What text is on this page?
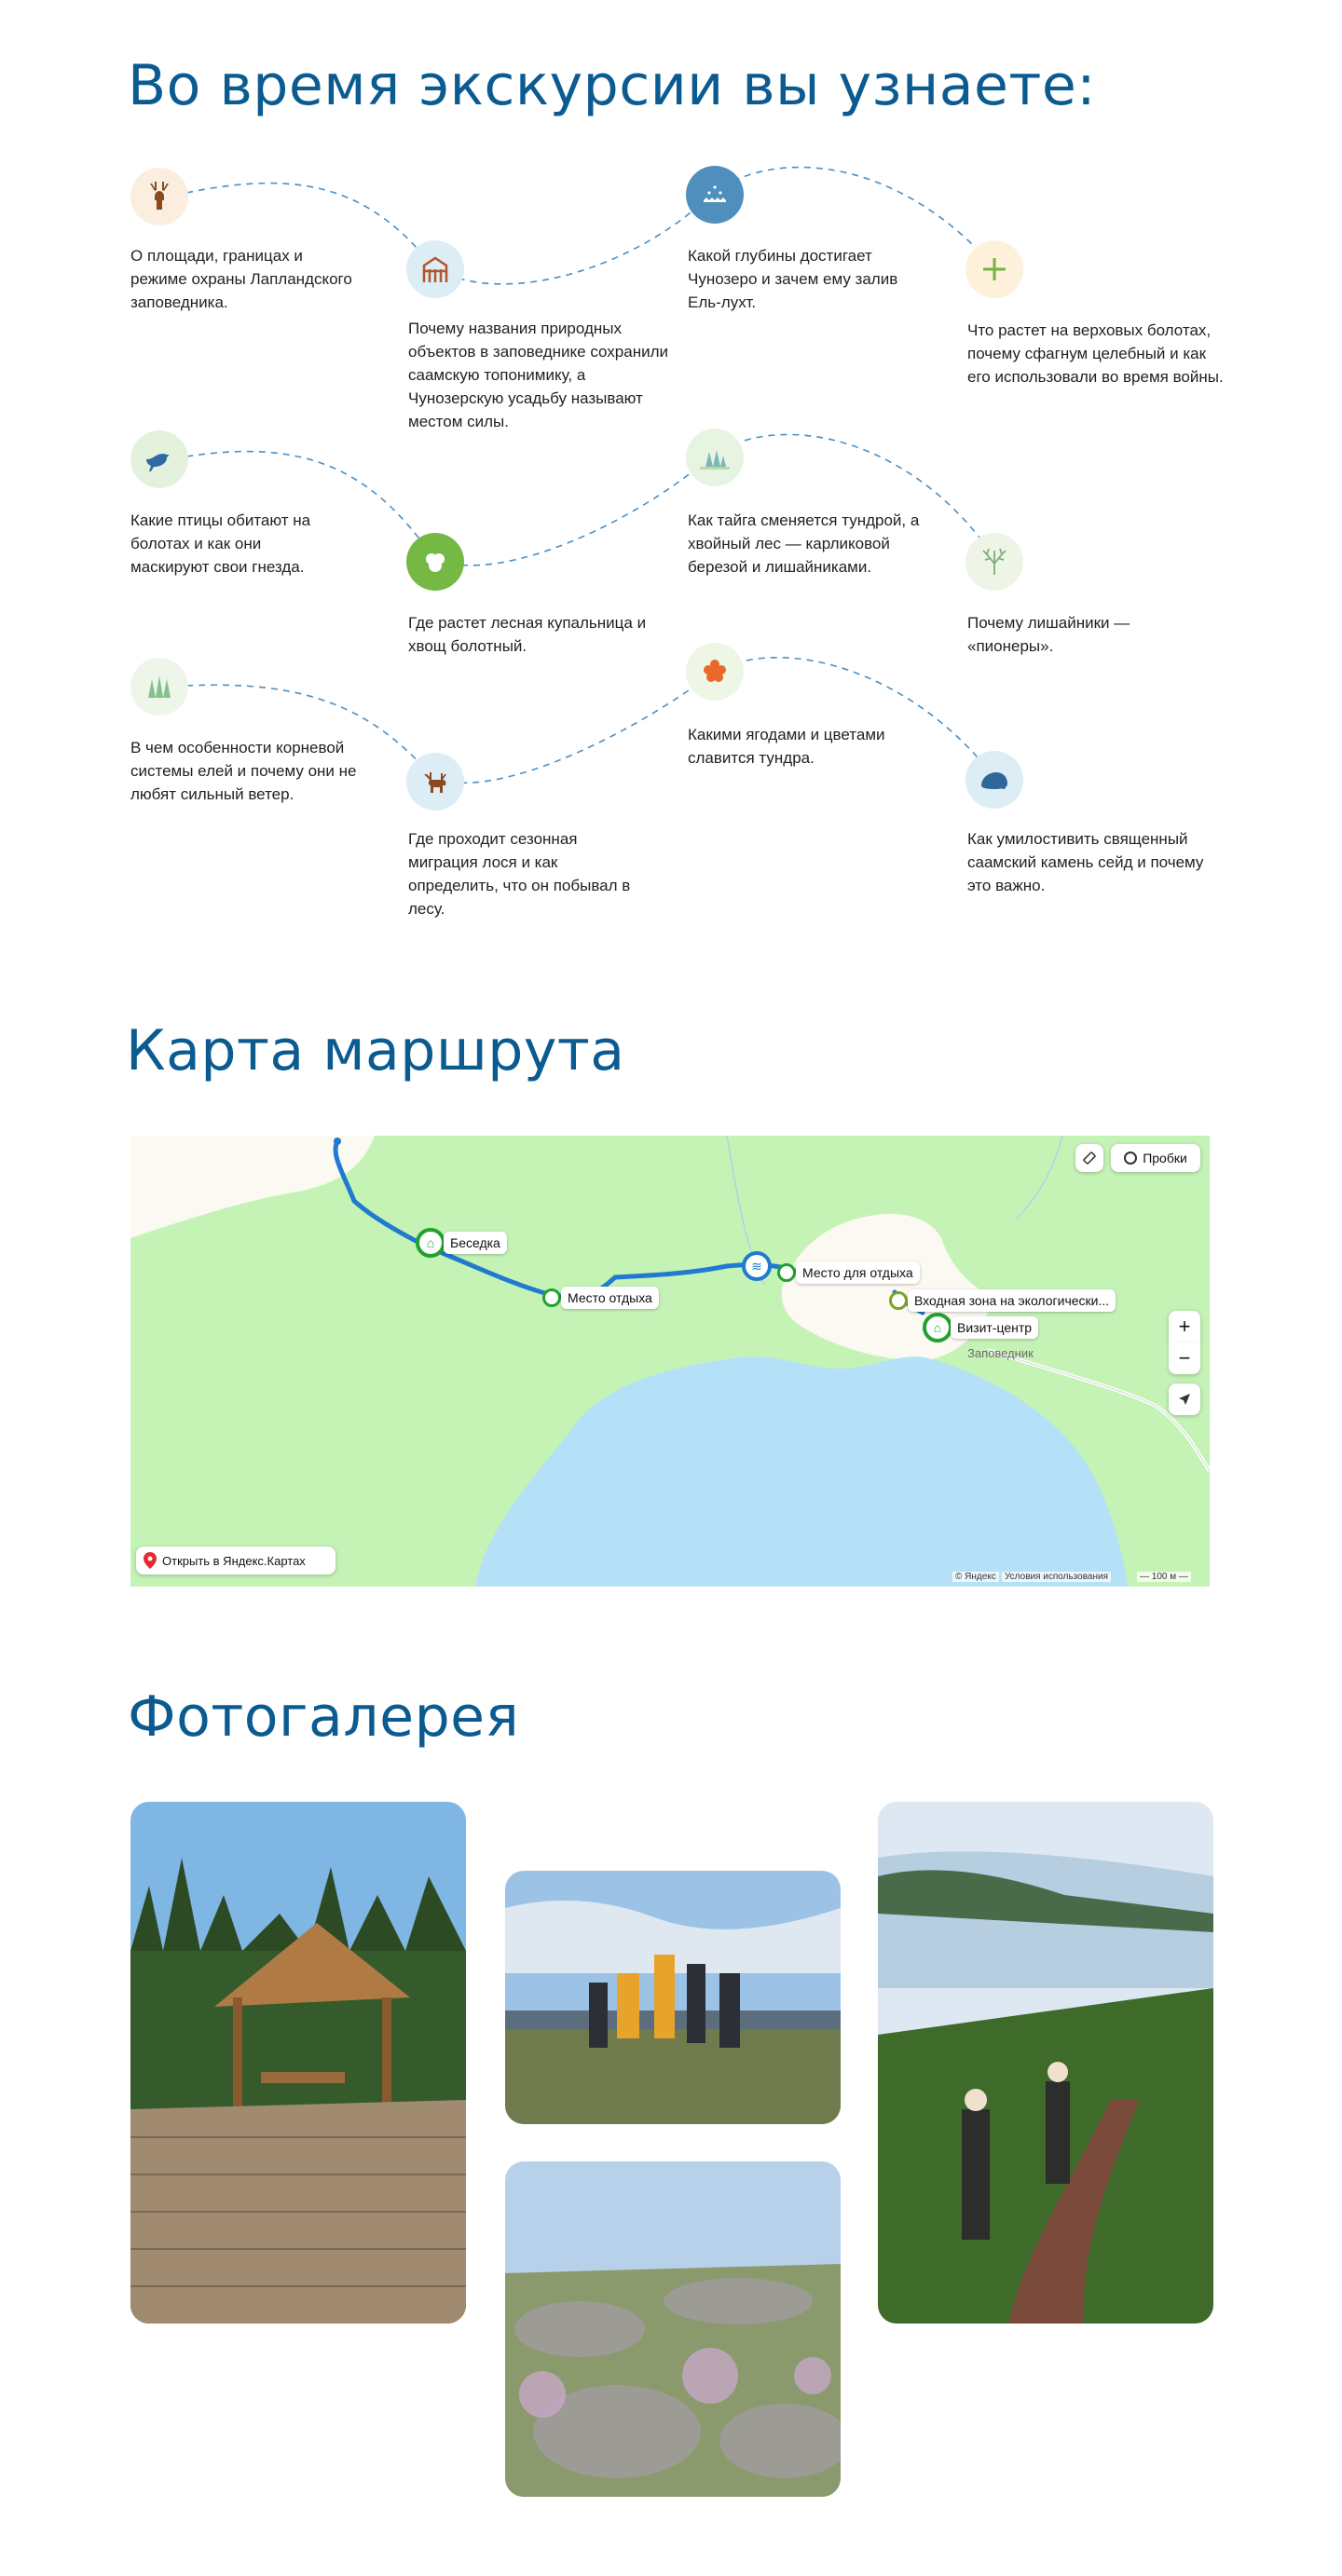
Во время экскурсии вы узнаете:

О площади, границах и режиме охраны Лапландского заповедника.

Почему названия природных объектов в заповеднике сохранили саамскую топонимику, а Чунозерскую усадьбу называют местом силы.

Какой глубины достигает Чунозеро и зачем ему залив Ель-лухт.

Что растет на верховых болотах, почему сфагнум целебный и как его использовали во время войны.

Какие птицы обитают на болотах и как они маскируют свои гнезда.

Как тайга сменяется тундрой, а хвойный лес — карликовой березой и лишайниками.

Где растет лесная купальница и хвощ болотный.

Почему лишайники — «пионеры».

В чем особенности корневой системы елей и почему они не любят сильный ветер.

Какими ягодами и цветами славится тундра.

Где проходит сезонная миграция лося и как определить, что он побывал в лесу.

Как умилостивить священный саамский камень сейд и почему это важно.

Карта маршрута
⌂	Беседка
Место отдыха
≋	Место для отдыха
Входная зона на экологически...
⌂	Визит-центр
Заповедник
Пробки
+
−
Открыть в Яндекс.Картах
© Яндекс Условия использования	— 100 м —
Фотогалерея
